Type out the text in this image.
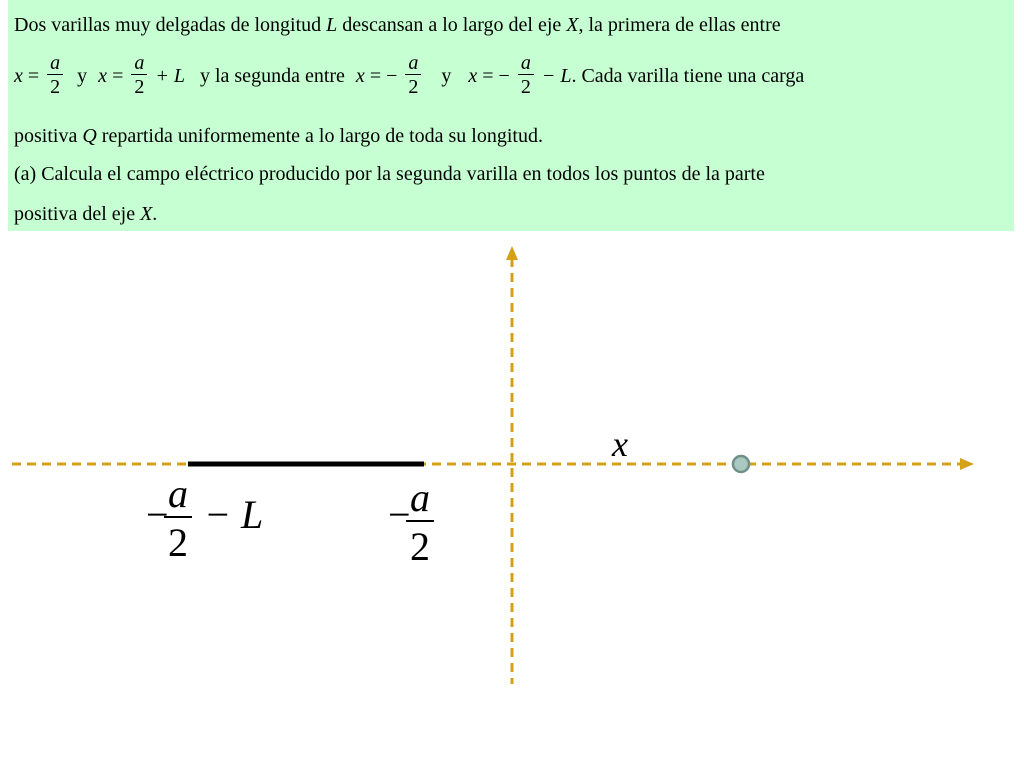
Dos varillas muy delgadas de longitud L descansan a lo largo del eje X, la primera de ellas entre
$x = \frac{a}{2}$ y $x = \frac{a}{2} + L$ y la segunda entre x = − $\frac{a}{2}$ y x = − $\frac{a}{2} - L$. Cada varilla tiene una carga
positiva Q repartida uniformemente a lo largo de toda su longitud.
(a) Calcula el campo eléctrico producido por la segunda varilla en todos los puntos de la parte
positiva del eje X.
x
−
$\frac{a}{2} - L$	−
$\frac{a}{2}$
